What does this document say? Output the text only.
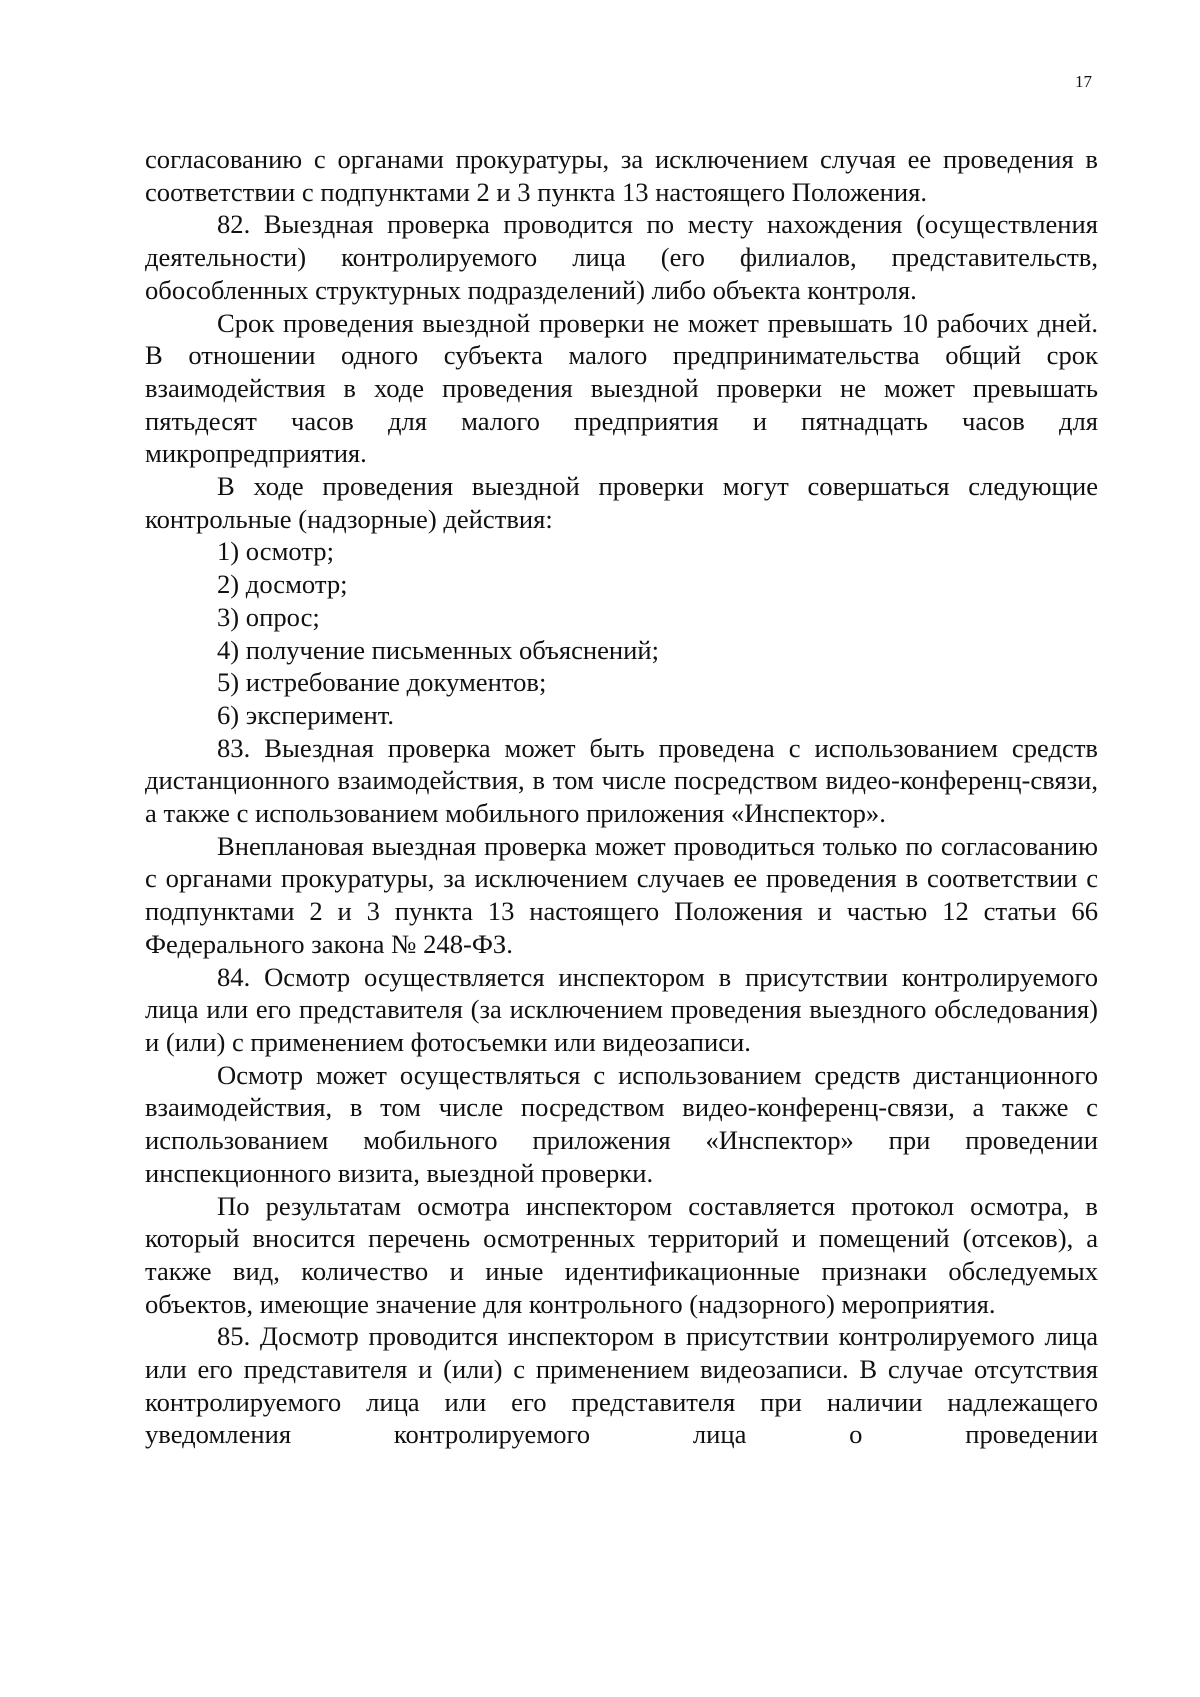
17

согласованию с органами прокуратуры, за исключением случая ее проведения в соответствии с подпунктами 2 и 3 пункта 13 настоящего Положения.

82. Выездная проверка проводится по месту нахождения (осуществления деятельности) контролируемого лица (его филиалов, представительств, обособленных структурных подразделений) либо объекта контроля.

Срок проведения выездной проверки не может превышать 10 рабочих дней. В отношении одного субъекта малого предпринимательства общий срок взаимодействия в ходе проведения выездной проверки не может превышать пятьдесят часов для малого предприятия и пятнадцать часов для микропредприятия.

В ходе проведения выездной проверки могут совершаться следующие контрольные (надзорные) действия:

1) осмотр;

2) досмотр;

3) опрос;

4) получение письменных объяснений;

5) истребование документов;

6) эксперимент.

83. Выездная проверка может быть проведена с использованием средств дистанционного взаимодействия, в том числе посредством видео-конференц-связи, а также с использованием мобильного приложения «Инспектор».

Внеплановая выездная проверка может проводиться только по согласованию с органами прокуратуры, за исключением случаев ее проведения в соответствии с подпунктами 2 и 3 пункта 13 настоящего Положения и частью 12 статьи 66 Федерального закона № 248-ФЗ.

84. Осмотр осуществляется инспектором в присутствии контролируемого лица или его представителя (за исключением проведения выездного обследования) и (или) с применением фотосъемки или видеозаписи.

Осмотр может осуществляться с использованием средств дистанционного взаимодействия, в том числе посредством видео-конференц-связи, а также с использованием мобильного приложения «Инспектор» при проведении инспекционного визита, выездной проверки.

По результатам осмотра инспектором составляется протокол осмотра, в который вносится перечень осмотренных территорий и помещений (отсеков), а также вид, количество и иные идентификационные признаки обследуемых объектов, имеющие значение для контрольного (надзорного) мероприятия.

85. Досмотр проводится инспектором в присутствии контролируемого лица или его представителя и (или) с применением видеозаписи. В случае отсутствия контролируемого лица или его представителя при наличии надлежащего уведомления контролируемого лица о проведении
